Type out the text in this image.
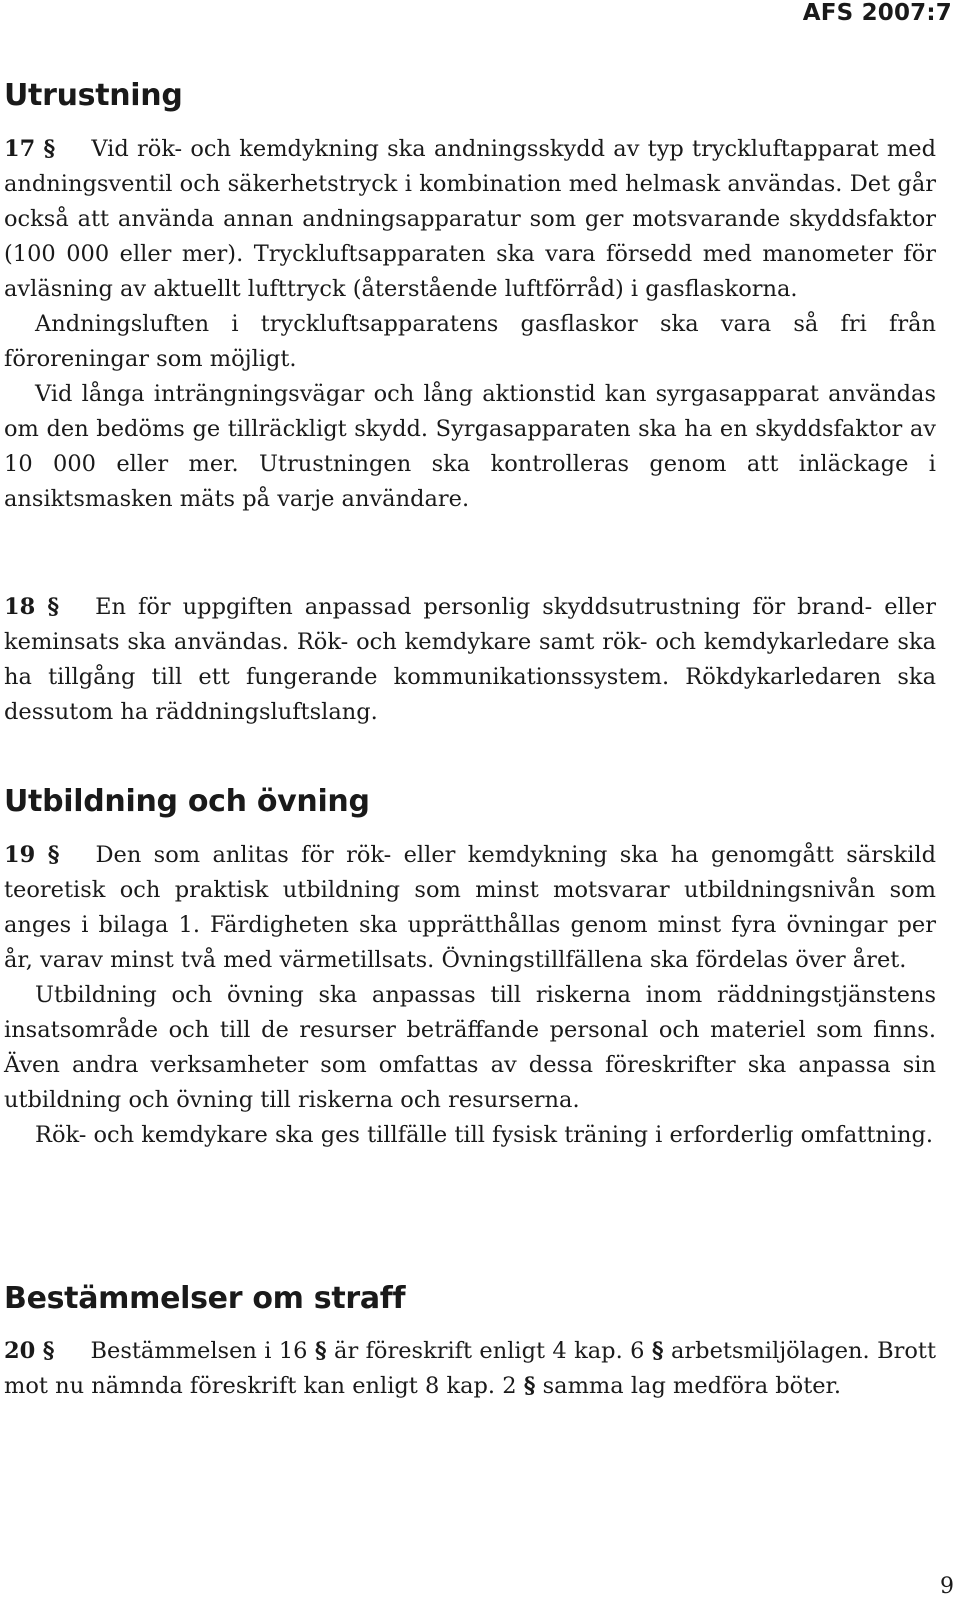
AFS 2007:7
Utrustning

17 § Vid rök- och kemdykning ska andningsskydd av typ tryckluftapparat med andningsventil och säkerhetstryck i kombination med helmask användas. Det går också att använda annan andningsapparatur som ger motsvarande skyddsfaktor (100 000 eller mer). Tryckluftsapparaten ska vara försedd med manometer för avläsning av aktuellt lufttryck (återstående luftförråd) i gasflaskorna.

Andningsluften i tryckluftsapparatens gasflaskor ska vara så fri från föroreningar som möjligt.

Vid långa inträngningsvägar och lång aktionstid kan syrgasapparat användas om den bedöms ge tillräckligt skydd. Syrgasapparaten ska ha en skyddsfaktor av 10 000 eller mer. Utrustningen ska kontrolleras genom att inläckage i ansiktsmasken mäts på varje användare.

18 § En för uppgiften anpassad personlig skyddsutrustning för brand- eller keminsats ska användas. Rök- och kemdykare samt rök- och kemdykarledare ska ha tillgång till ett fungerande kommunikationssystem. Rökdykarledaren ska dessutom ha räddningsluftslang.

Utbildning och övning

19 § Den som anlitas för rök- eller kemdykning ska ha genomgått särskild teoretisk och praktisk utbildning som minst motsvarar utbildningsnivån som anges i bilaga 1. Färdigheten ska upprätthållas genom minst fyra övningar per år, varav minst två med värmetillsats. Övningstillfällena ska fördelas över året.

Utbildning och övning ska anpassas till riskerna inom räddningstjänstens insatsområde och till de resurser beträffande personal och materiel som finns. Även andra verksamheter som omfattas av dessa föreskrifter ska anpassa sin utbildning och övning till riskerna och resurserna.

Rök- och kemdykare ska ges tillfälle till fysisk träning i erforderlig omfattning.

Bestämmelser om straff

20 § Bestämmelsen i 16 § är föreskrift enligt 4 kap. 6 § arbetsmiljölagen. Brott mot nu nämnda föreskrift kan enligt 8 kap. 2 § samma lag medföra böter.

9
